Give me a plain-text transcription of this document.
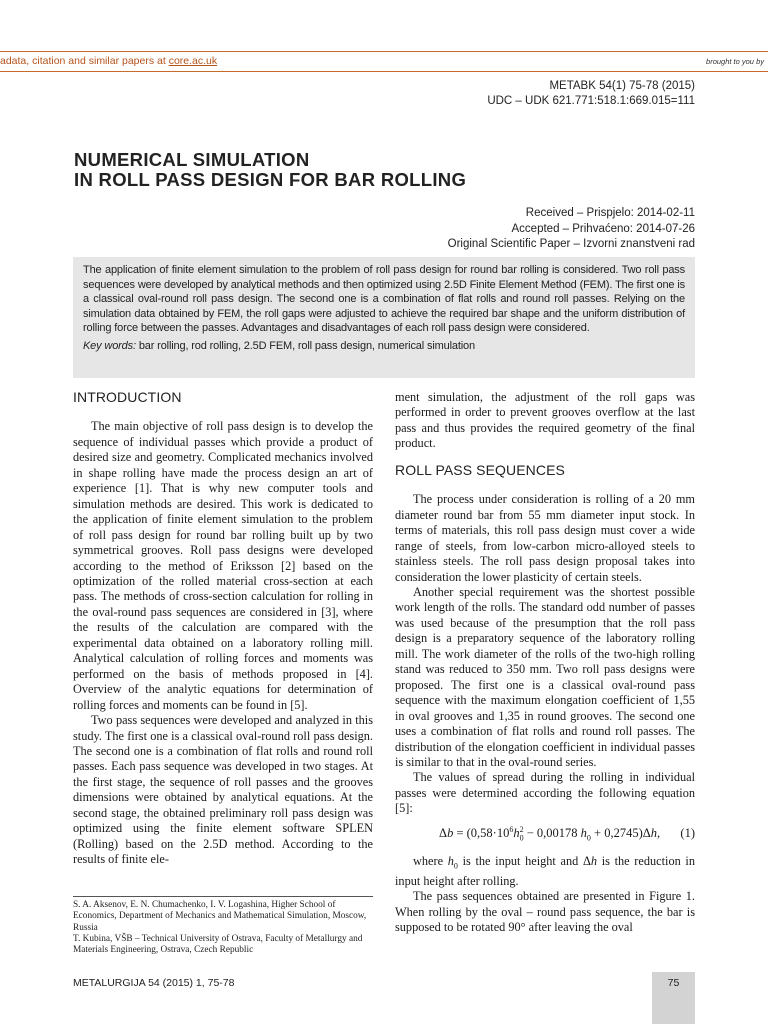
adata, citation and similar papers at core.ac.uk	brought to you by
METABK 54(1) 75-78 (2015)
UDC – UDK 621.771:518.1:669.015=111
NUMERICAL SIMULATION
IN ROLL PASS DESIGN FOR BAR ROLLING
Received – Prispjelo: 2014-02-11
Accepted – Prihvaćeno: 2014-07-26
Original Scientific Paper – Izvorni znanstveni rad

The application of finite element simulation to the problem of roll pass design for round bar rolling is considered. Two roll pass sequences were developed by analytical methods and then optimized using 2.5D Finite Element Method (FEM). The first one is a classical oval-round roll pass design. The second one is a combination of flat rolls and round roll passes. Relying on the simulation data obtained by FEM, the roll gaps were adjusted to achieve the required bar shape and the uniform distribution of rolling force between the passes. Advantages and disadvantages of each roll pass design were considered.

Key words: bar rolling, rod rolling, 2.5D FEM, roll pass design, numerical simulation

INTRODUCTION

The main objective of roll pass design is to develop the sequence of individual passes which provide a product of desired size and geometry. Complicated mechanics involved in shape rolling have made the process design an art of experience [1]. That is why new computer tools and simulation methods are desired. This work is dedicated to the application of finite element simulation to the problem of roll pass design for round bar rolling built up by two symmetrical grooves. Roll pass designs were developed according to the method of Eriksson [2] based on the optimization of the rolled material cross-section at each pass. The methods of cross-section calculation for rolling in the oval-round pass sequences are considered in [3], where the results of the calculation are compared with the experimental data obtained on a laboratory rolling mill. Analytical calculation of rolling forces and moments was performed on the basis of methods proposed in [4]. Overview of the analytic equations for determination of rolling forces and moments can be found in [5].

Two pass sequences were developed and analyzed in this study. The first one is a classical oval-round roll pass design. The second one is a combination of flat rolls and round roll passes. Each pass sequence was developed in two stages. At the first stage, the sequence of roll passes and the grooves dimensions were obtained by analytical equations. At the second stage, the obtained preliminary roll pass design was optimized using the finite element software SPLEN (Rolling) based on the 2.5D method. According to the results of finite ele-

ment simulation, the adjustment of the roll gaps was performed in order to prevent grooves overflow at the last pass and thus provides the required geometry of the final product.

ROLL PASS SEQUENCES

The process under consideration is rolling of a 20 mm diameter round bar from 55 mm diameter input stock. In terms of materials, this roll pass design must cover a wide range of steels, from low-carbon micro-alloyed steels to stainless steels. The roll pass design proposal takes into consideration the lower plasticity of certain steels.

Another special requirement was the shortest possible work length of the rolls. The standard odd number of passes was used because of the presumption that the roll pass design is a preparatory sequence of the laboratory rolling mill. The work diameter of the rolls of the two-high rolling stand was reduced to 350 mm. Two roll pass designs were proposed. The first one is a classical oval-round pass sequence with the maximum elongation coefficient of 1,55 in oval grooves and 1,35 in round grooves. The second one uses a combination of flat rolls and round roll passes. The distribution of the elongation coefficient in individual passes is similar to that in the oval-round series.

The values of spread during the rolling in individual passes were determined according the following equation [5]:

$\Delta b = (0,58\cdot 10^6h_0^2 - 0,00178$ $h_0 + 0,2745)\Delta h$, (1)

where $h_0$ is the input height and Δh is the reduction in input height after rolling.

The pass sequences obtained are presented in Figure 1. When rolling by the oval – round pass sequence, the bar is supposed to be rotated 90° after leaving the oval

S. A. Aksenov, E. N. Chumachenko, I. V. Logashina, Higher School of Economics, Department of Mechanics and Mathematical Simulation, Moscow, Russia

T. Kubina, VŠB – Technical University of Ostrava, Faculty of Metallurgy and Materials Engineering, Ostrava, Czech Republic

METALURGIJA 54 (2015) 1, 75-78	75
